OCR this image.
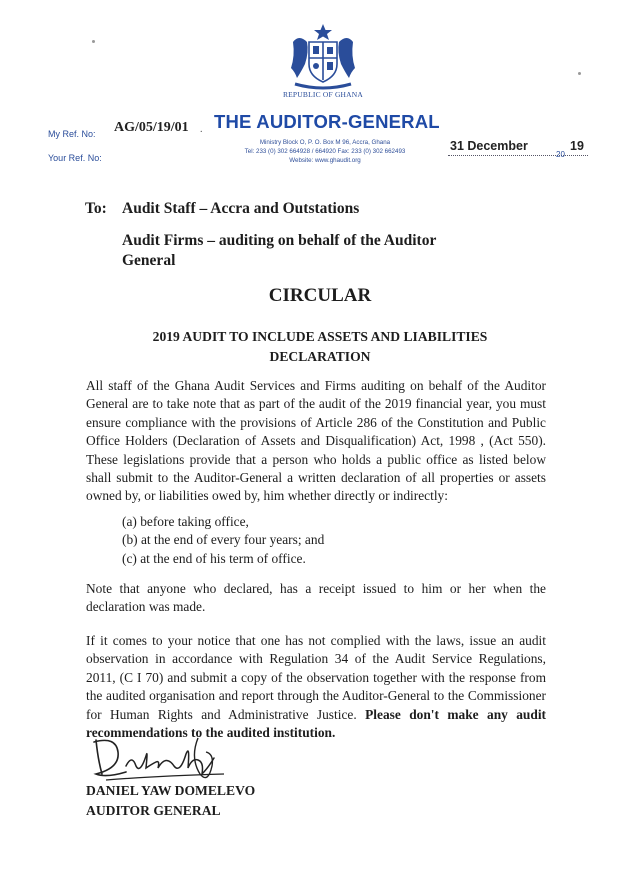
REPUBLIC OF GHANA
My Ref. No: AG/05/19/01 .
Your Ref. No:
THE AUDITOR-GENERAL
Ministry Block O, P. O. Box M 96, Accra, Ghana
Tel: 233 (0) 302 664928 / 664920 Fax: 233 (0) 302 662493
Website: www.ghaudit.org
31 December	19
20
To: Audit Staff – Accra and Outstations
Audit Firms – auditing on behalf of the Auditor General
CIRCULAR
2019 AUDIT TO INCLUDE ASSETS AND LIABILITIES DECLARATION
All staff of the Ghana Audit Services and Firms auditing on behalf of the Auditor General are to take note that as part of the audit of the 2019 financial year, you must ensure compliance with the provisions of Article 286 of the Constitution and Public Office Holders (Declaration of Assets and Disqualification) Act, 1998 , (Act 550). These legislations provide that a person who holds a public office as listed below shall submit to the Auditor-General a written declaration of all properties or assets owned by, or liabilities owed by, him whether directly or indirectly:
(a) before taking office,
(b) at the end of every four years; and
(c) at the end of his term of office.
Note that anyone who declared, has a receipt issued to him or her when the declaration was made.
If it comes to your notice that one has not complied with the laws, issue an audit observation in accordance with Regulation 34 of the Audit Service Regulations, 2011, (C I 70) and submit a copy of the observation together with the response from the audited organisation and report through the Auditor-General to the Commissioner for Human Rights and Administrative Justice. Please don't make any audit recommendations to the audited institution.
DANIEL YAW DOMELEVO
AUDITOR GENERAL
